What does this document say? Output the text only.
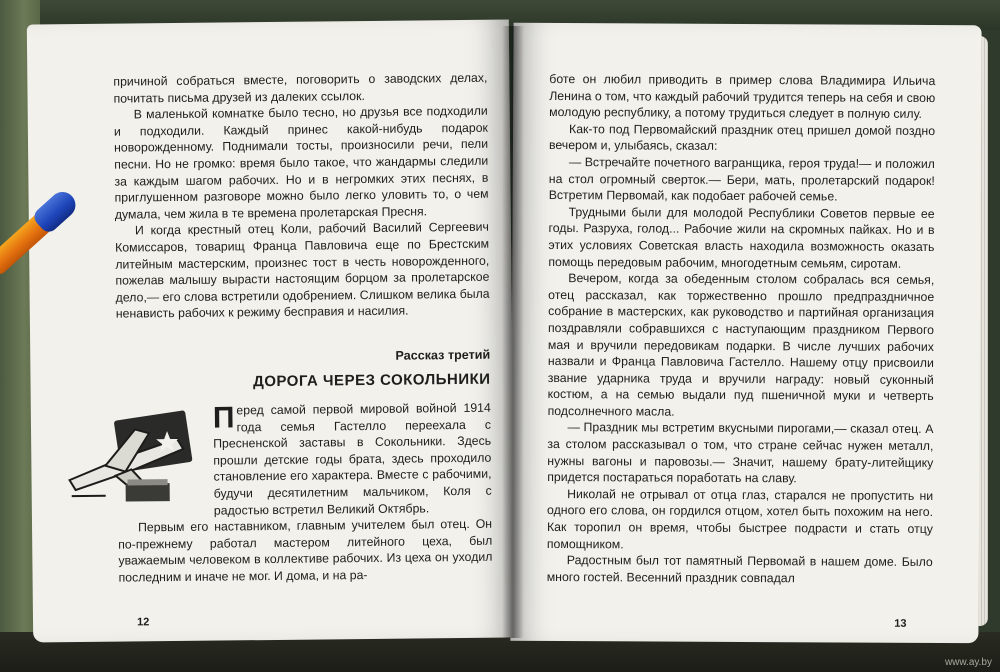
причиной собраться вместе, поговорить о заводских делах, почитать письма друзей из далеких ссылок.

В маленькой комнатке было тесно, но друзья все подходили и подходили. Каждый принес какой-нибудь подарок новорожденному. Поднимали тосты, произносили речи, пели песни. Но не громко: время было такое, что жандармы следили за каждым шагом рабочих. Но и в негромких этих песнях, в приглушенном разговоре можно было легко уловить то, о чем думала, чем жила в те времена пролетарская Пресня.

И когда крестный отец Коли, рабочий Василий Сергеевич Комиссаров, товарищ Франца Павловича еще по Брестским литейным мастерским, произнес тост в честь новорожденного, пожелав малышу вырасти настоящим борцом за пролетарское дело,— его слова встретили одобрением. Слишком велика была ненависть рабочих к режиму бесправия и насилия.

Рассказ третий
ДОРОГА ЧЕРЕЗ СОКОЛЬНИКИ
П еред самой первой мировой войной 1914 года семья Гастелло переехала с Пресненской заставы в Сокольники. Здесь прошли детские годы брата, здесь проходило становление его характера. Вместе с рабочими, будучи десятилетним мальчиком, Коля с радостью встретил Великий Октябрь.

Первым его наставником, главным учителем был отец. Он по-прежнему работал мастером литейного цеха, был уважаемым человеком в коллективе рабочих. Из цеха он уходил последним и иначе не мог. И дома, и на ра-

12

боте он любил приводить в пример слова Владимира Ильича Ленина о том, что каждый рабочий трудится теперь на себя и свою молодую республику, а потому трудиться следует в полную силу.

Как-то под Первомайский праздник отец пришел домой поздно вечером и, улыбаясь, сказал:

— Встречайте почетного вагранщика, героя труда!— и положил на стол огромный сверток.— Бери, мать, пролетарский подарок! Встретим Первомай, как подобает рабочей семье.

Трудными были для молодой Республики Советов первые ее годы. Разруха, голод... Рабочие жили на скромных пайках. Но и в этих условиях Советская власть находила возможность оказать помощь передовым рабочим, многодетным семьям, сиротам.

Вечером, когда за обеденным столом собралась вся семья, отец рассказал, как торжественно прошло предпраздничное собрание в мастерских, как руководство и партийная организация поздравляли собравшихся с наступающим праздником Первого мая и вручили передовикам подарки. В числе лучших рабочих назвали и Франца Павловича Гастелло. Нашему отцу присвоили звание ударника труда и вручили награду: новый суконный костюм, а на семью выдали пуд пшеничной муки и четверть подсолнечного масла.

— Праздник мы встретим вкусными пирогами,— сказал отец. А за столом рассказывал о том, что стране сейчас нужен металл, нужны вагоны и паровозы.— Значит, нашему брату-литейщику придется постараться поработать на славу.

Николай не отрывал от отца глаз, старался не пропустить ни одного его слова, он гордился отцом, хотел быть похожим на него. Как торопил он время, чтобы быстрее подрасти и стать отцу помощником.

Радостным был тот памятный Первомай в нашем доме. Было много гостей. Весенний праздник совпадал

13
www.ay.by
